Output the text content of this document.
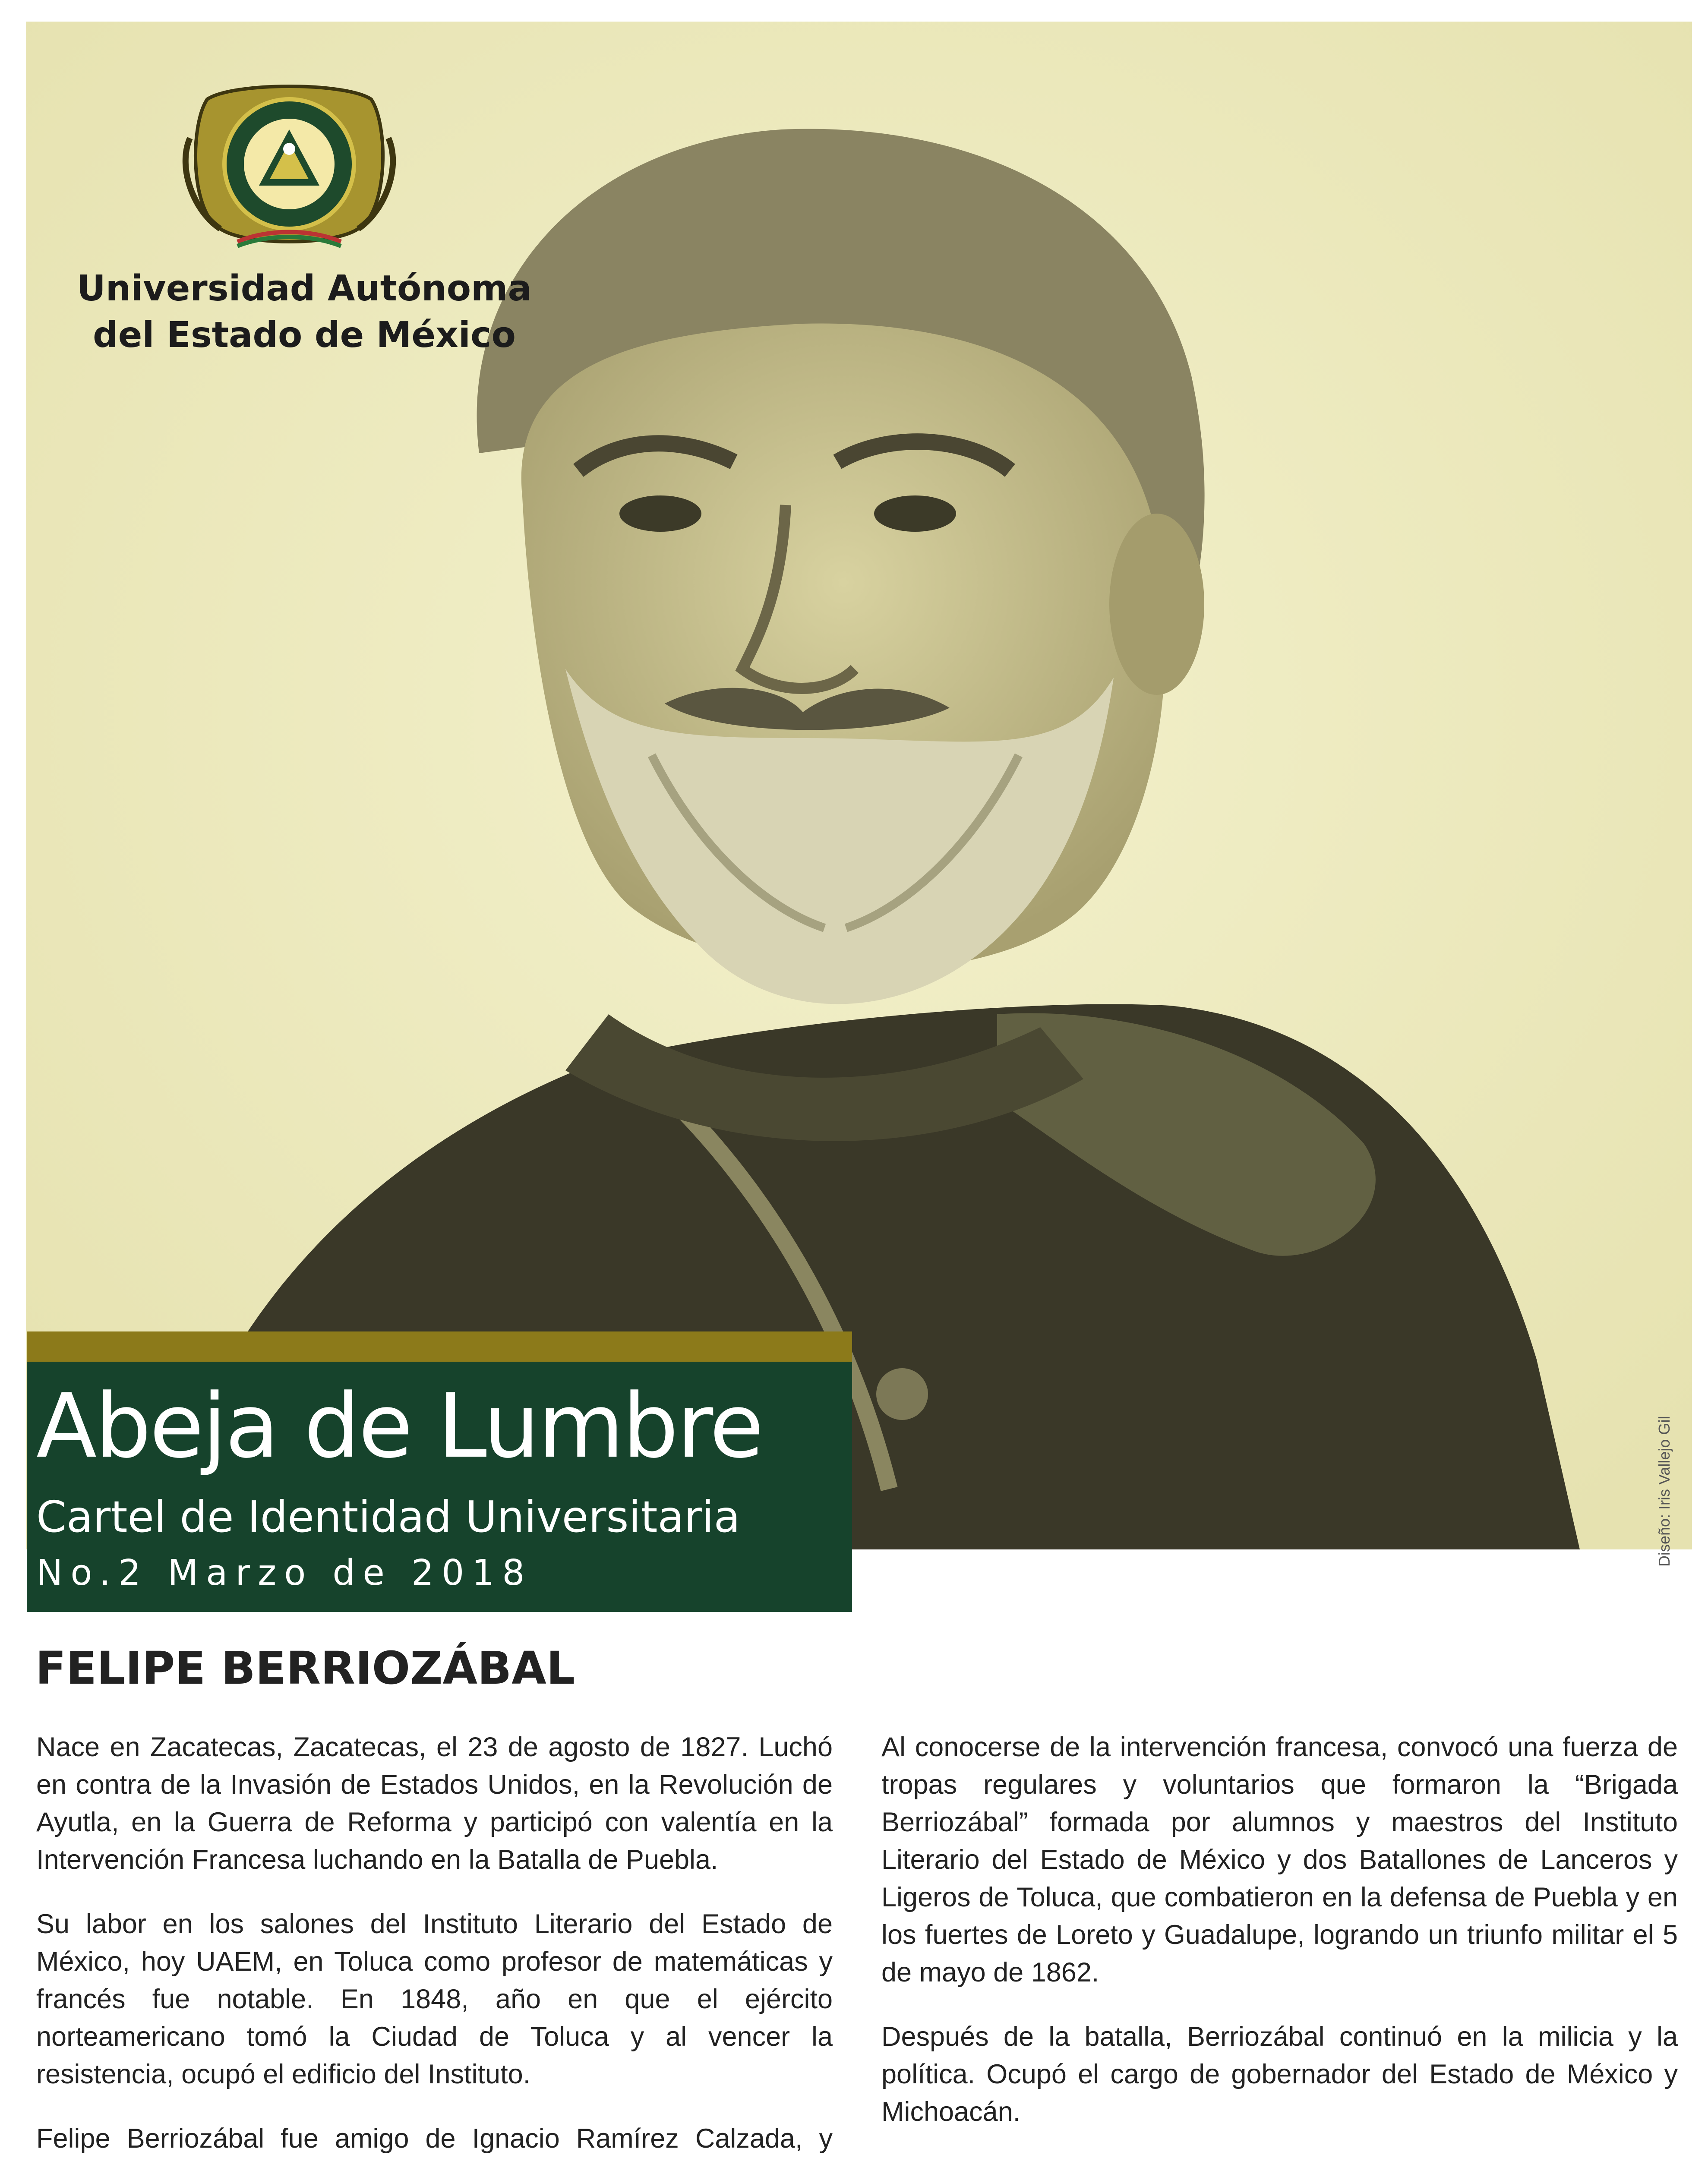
Universidad Autónoma
del Estado de México
Abeja de Lumbre
Cartel de Identidad Universitaria
No.2 Marzo de 2018
Diseño: Iris Vallejo Gil
FELIPE BERRIOZÁBAL

Nace en Zacatecas, Zacatecas, el 23 de agosto de 1827. Luchó en contra de la Invasión de Estados Unidos, en la Revolución de Ayutla, en la Guerra de Reforma y participó con valentía en la Intervención Francesa luchando en la Batalla de Puebla.

Su labor en los salones del Instituto Literario del Estado de México, hoy UAEM, en Toluca como profesor de matemáticas y francés fue notable. En 1848, año en que el ejército norteamericano tomó la Ciudad de Toluca y al vencer la resistencia, ocupó el edificio del Instituto.

Felipe Berriozábal fue amigo de Ignacio Ramírez Calzada, y

Al conocerse de la intervención francesa, convocó una fuerza de tropas regulares y voluntarios que formaron la “Brigada Berriozábal” formada por alumnos y maestros del Instituto Literario del Estado de México y dos Batallones de Lanceros y Ligeros de Toluca, que combatieron en la defensa de Puebla y en los fuertes de Loreto y Guadalupe, logrando un triunfo militar el 5 de mayo de 1862.

Después de la batalla, Berriozábal continuó en la milicia y la política. Ocupó el cargo de gobernador del Estado de México y Michoacán.
